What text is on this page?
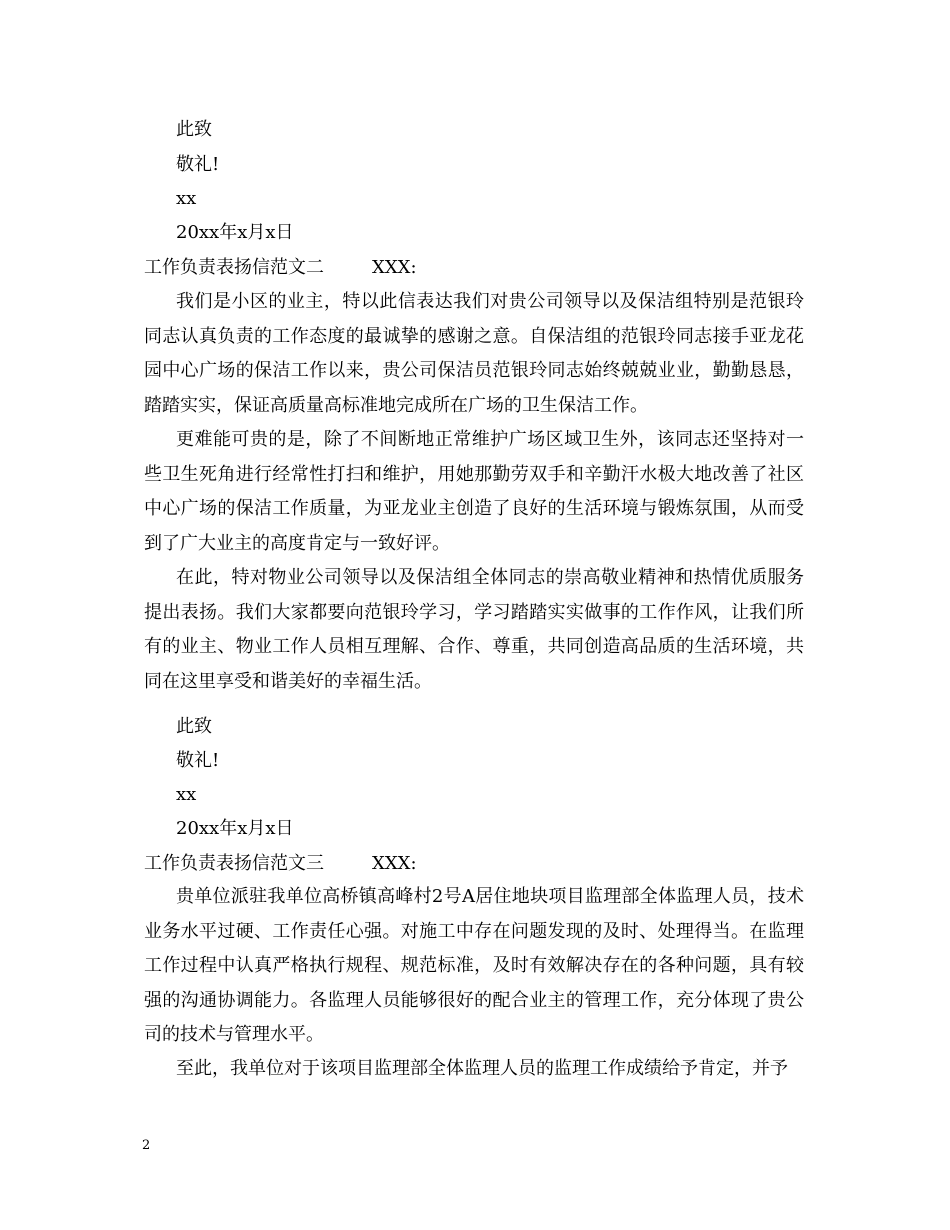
此致
敬礼!
xx
20xx年x月x日
工作负责表扬信范文二	XXX:
我们是小区的业主，特以此信表达我们对贵公司领导以及保洁组特别是范银玲同志认真负责的工作态度的最诚挚的感谢之意。自保洁组的范银玲同志接手亚龙花园中心广场的保洁工作以来，贵公司保洁员范银玲同志始终兢兢业业，勤勤恳恳，踏踏实实，保证高质量高标准地完成所在广场的卫生保洁工作。
更难能可贵的是，除了不间断地正常维护广场区域卫生外，该同志还坚持对一些卫生死角进行经常性打扫和维护，用她那勤劳双手和辛勤汗水极大地改善了社区中心广场的保洁工作质量，为亚龙业主创造了良好的生活环境与锻炼氛围，从而受到了广大业主的高度肯定与一致好评。
在此，特对物业公司领导以及保洁组全体同志的崇高敬业精神和热情优质服务提出表扬。我们大家都要向范银玲学习，学习踏踏实实做事的工作作风，让我们所有的业主、物业工作人员相互理解、合作、尊重，共同创造高品质的生活环境，共同在这里享受和谐美好的幸福生活。
此致
敬礼!
xx
20xx年x月x日
工作负责表扬信范文三	XXX:
贵单位派驻我单位高桥镇高峰村2号A居住地块项目监理部全体监理人员，技术业务水平过硬、工作责任心强。对施工中存在问题发现的及时、处理得当。在监理工作过程中认真严格执行规程、规范标准，及时有效解决存在的各种问题，具有较强的沟通协调能力。各监理人员能够很好的配合业主的管理工作，充分体现了贵公司的技术与管理水平。
至此，我单位对于该项目监理部全体监理人员的监理工作成绩给予肯定，并予
2
